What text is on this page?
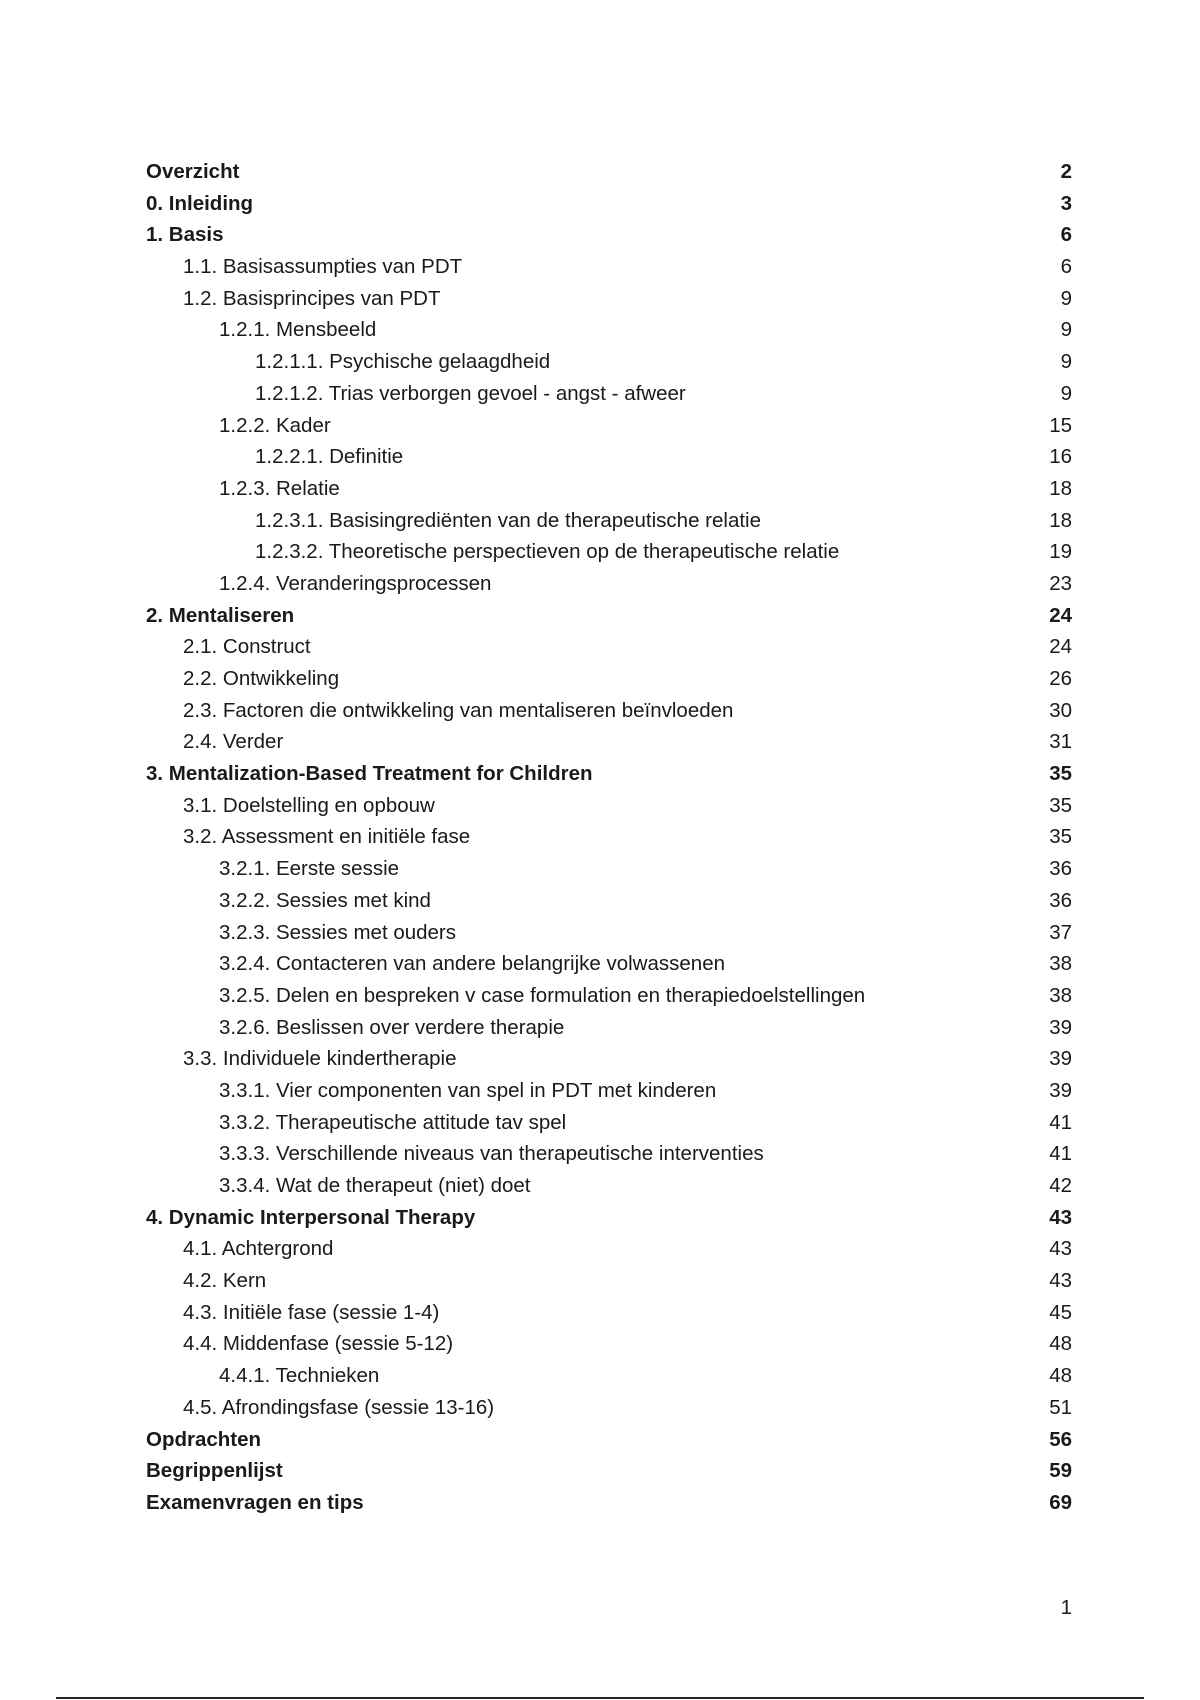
Overzicht	2
0. Inleiding	3
1. Basis	6
1.1. Basisassumpties van PDT	6
1.2. Basisprincipes van PDT	9
1.2.1. Mensbeeld	9
1.2.1.1. Psychische gelaagdheid	9
1.2.1.2. Trias verborgen gevoel - angst - afweer	9
1.2.2. Kader	15
1.2.2.1. Definitie	16
1.2.3. Relatie	18
1.2.3.1. Basisingrediënten van de therapeutische relatie	18
1.2.3.2. Theoretische perspectieven op de therapeutische relatie	19
1.2.4. Veranderingsprocessen	23
2. Mentaliseren	24
2.1. Construct	24
2.2. Ontwikkeling	26
2.3. Factoren die ontwikkeling van mentaliseren beïnvloeden	30
2.4. Verder	31
3. Mentalization-Based Treatment for Children	35
3.1. Doelstelling en opbouw	35
3.2. Assessment en initiële fase	35
3.2.1. Eerste sessie	36
3.2.2. Sessies met kind	36
3.2.3. Sessies met ouders	37
3.2.4. Contacteren van andere belangrijke volwassenen	38
3.2.5. Delen en bespreken v case formulation en therapiedoelstellingen	38
3.2.6. Beslissen over verdere therapie	39
3.3. Individuele kindertherapie	39
3.3.1. Vier componenten van spel in PDT met kinderen	39
3.3.2. Therapeutische attitude tav spel	41
3.3.3. Verschillende niveaus van therapeutische interventies	41
3.3.4. Wat de therapeut (niet) doet	42
4. Dynamic Interpersonal Therapy	43
4.1. Achtergrond	43
4.2. Kern	43
4.3. Initiële fase (sessie 1-4)	45
4.4. Middenfase (sessie 5-12)	48
4.4.1. Technieken	48
4.5. Afrondingsfase (sessie 13-16)	51
Opdrachten	56
Begrippenlijst	59
Examenvragen en tips	69
1
